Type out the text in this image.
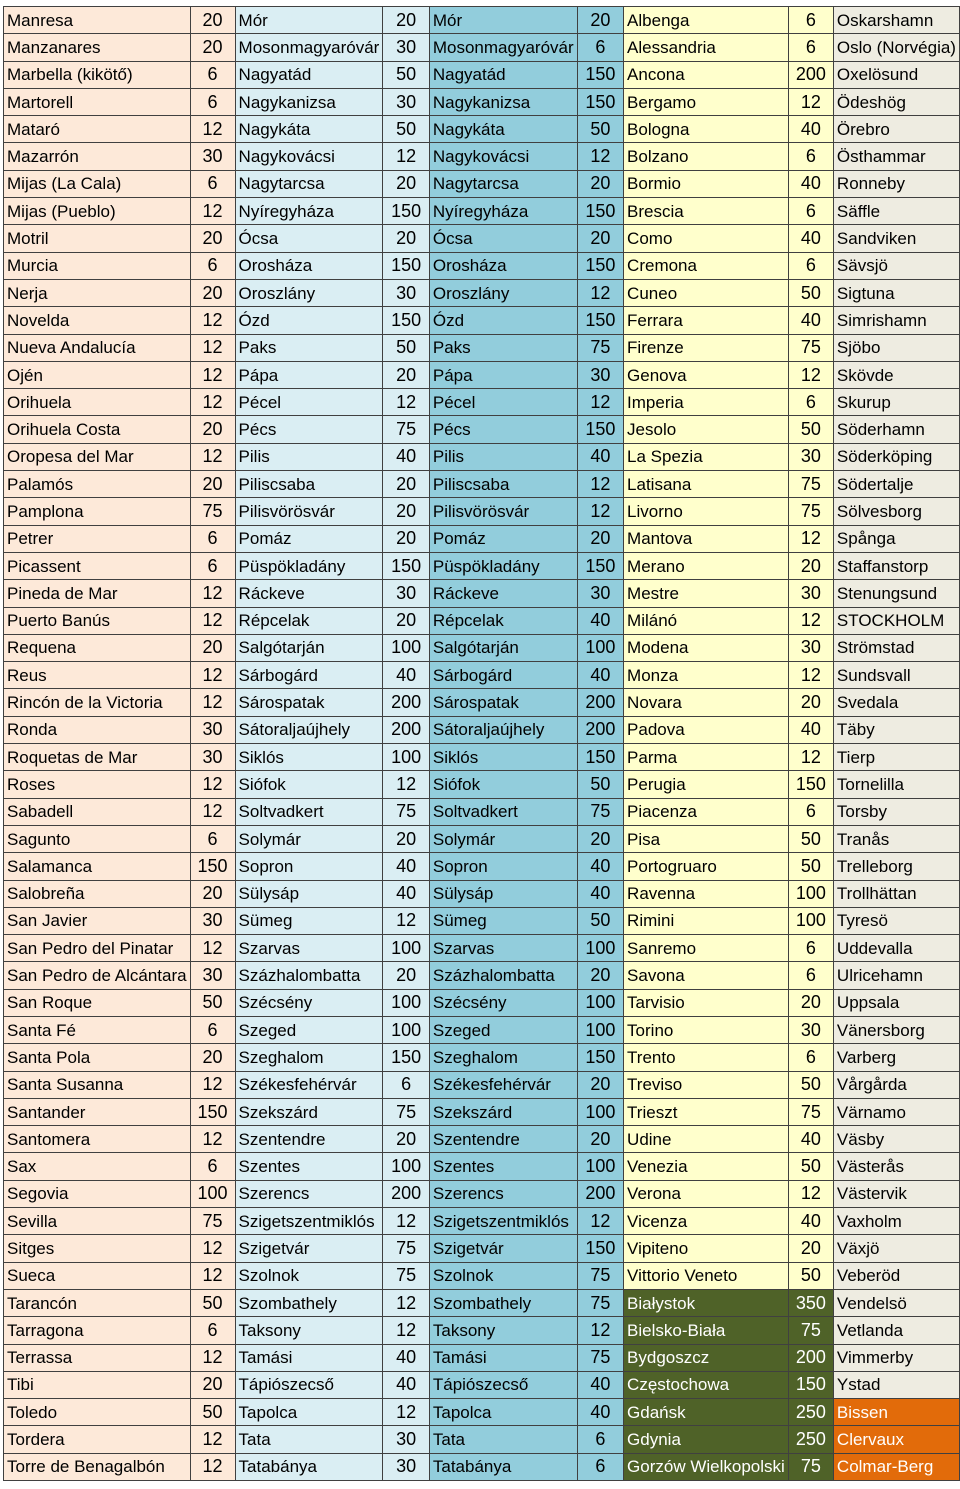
Manresa	20	Mór	20	Mór	20	Albenga	6	Oskarshamn
Manzanares	20	Mosonmagyaróvár	30	Mosonmagyaróvár	6	Alessandria	6	Oslo (Norvégia)
Marbella (kikötő)	6	Nagyatád	50	Nagyatád	150	Ancona	200	Oxelösund
Martorell	6	Nagykanizsa	30	Nagykanizsa	150	Bergamo	12	Ödeshög
Mataró	12	Nagykáta	50	Nagykáta	50	Bologna	40	Örebro
Mazarrón	30	Nagykovácsi	12	Nagykovácsi	12	Bolzano	6	Östhammar
Mijas (La Cala)	6	Nagytarcsa	20	Nagytarcsa	20	Bormio	40	Ronneby
Mijas (Pueblo)	12	Nyíregyháza	150	Nyíregyháza	150	Brescia	6	Säffle
Motril	20	Ócsa	20	Ócsa	20	Como	40	Sandviken
Murcia	6	Orosháza	150	Orosháza	150	Cremona	6	Sävsjö
Nerja	20	Oroszlány	30	Oroszlány	12	Cuneo	50	Sigtuna
Novelda	12	Ózd	150	Ózd	150	Ferrara	40	Simrishamn
Nueva Andalucía	12	Paks	50	Paks	75	Firenze	75	Sjöbo
Ojén	12	Pápa	20	Pápa	30	Genova	12	Skövde
Orihuela	12	Pécel	12	Pécel	12	Imperia	6	Skurup
Orihuela Costa	20	Pécs	75	Pécs	150	Jesolo	50	Söderhamn
Oropesa del Mar	12	Pilis	40	Pilis	40	La Spezia	30	Söderköping
Palamós	20	Piliscsaba	20	Piliscsaba	12	Latisana	75	Södertalje
Pamplona	75	Pilisvörösvár	20	Pilisvörösvár	12	Livorno	75	Sölvesborg
Petrer	6	Pomáz	20	Pomáz	20	Mantova	12	Spånga
Picassent	6	Püspökladány	150	Püspökladány	150	Merano	20	Staffanstorp
Pineda de Mar	12	Ráckeve	30	Ráckeve	30	Mestre	30	Stenungsund
Puerto Banús	12	Répcelak	20	Répcelak	40	Milánó	12	STOCKHOLM
Requena	20	Salgótarján	100	Salgótarján	100	Modena	30	Strömstad
Reus	12	Sárbogárd	40	Sárbogárd	40	Monza	12	Sundsvall
Rincón de la Victoria	12	Sárospatak	200	Sárospatak	200	Novara	20	Svedala
Ronda	30	Sátoraljaújhely	200	Sátoraljaújhely	200	Padova	40	Täby
Roquetas de Mar	30	Siklós	100	Siklós	150	Parma	12	Tierp
Roses	12	Siófok	12	Siófok	50	Perugia	150	Tornelilla
Sabadell	12	Soltvadkert	75	Soltvadkert	75	Piacenza	6	Torsby
Sagunto	6	Solymár	20	Solymár	20	Pisa	50	Tranås
Salamanca	150	Sopron	40	Sopron	40	Portogruaro	50	Trelleborg
Salobreña	20	Sülysáp	40	Sülysáp	40	Ravenna	100	Trollhättan
San Javier	30	Sümeg	12	Sümeg	50	Rimini	100	Tyresö
San Pedro del Pinatar	12	Szarvas	100	Szarvas	100	Sanremo	6	Uddevalla
San Pedro de Alcántara	30	Százhalombatta	20	Százhalombatta	20	Savona	6	Ulricehamn
San Roque	50	Szécsény	100	Szécsény	100	Tarvisio	20	Uppsala
Santa Fé	6	Szeged	100	Szeged	100	Torino	30	Vänersborg
Santa Pola	20	Szeghalom	150	Szeghalom	150	Trento	6	Varberg
Santa Susanna	12	Székesfehérvár	6	Székesfehérvár	20	Treviso	50	Vårgårda
Santander	150	Szekszárd	75	Szekszárd	100	Trieszt	75	Värnamo
Santomera	12	Szentendre	20	Szentendre	20	Udine	40	Väsby
Sax	6	Szentes	100	Szentes	100	Venezia	50	Västerås
Segovia	100	Szerencs	200	Szerencs	200	Verona	12	Västervik
Sevilla	75	Szigetszentmiklós	12	Szigetszentmiklós	12	Vicenza	40	Vaxholm
Sitges	12	Szigetvár	75	Szigetvár	150	Vipiteno	20	Växjö
Sueca	12	Szolnok	75	Szolnok	75	Vittorio Veneto	50	Veberöd
Tarancón	50	Szombathely	12	Szombathely	75	Białystok	350	Vendelsö
Tarragona	6	Taksony	12	Taksony	12	Bielsko-Biała	75	Vetlanda
Terrassa	12	Tamási	40	Tamási	75	Bydgoszcz	200	Vimmerby
Tibi	20	Tápiószecső	40	Tápiószecső	40	Częstochowa	150	Ystad
Toledo	50	Tapolca	12	Tapolca	40	Gdańsk	250	Bissen
Tordera	12	Tata	30	Tata	6	Gdynia	250	Clervaux
Torre de Benagalbón	12	Tatabánya	30	Tatabánya	6	Gorzów Wielkopolski	75	Colmar-Berg
